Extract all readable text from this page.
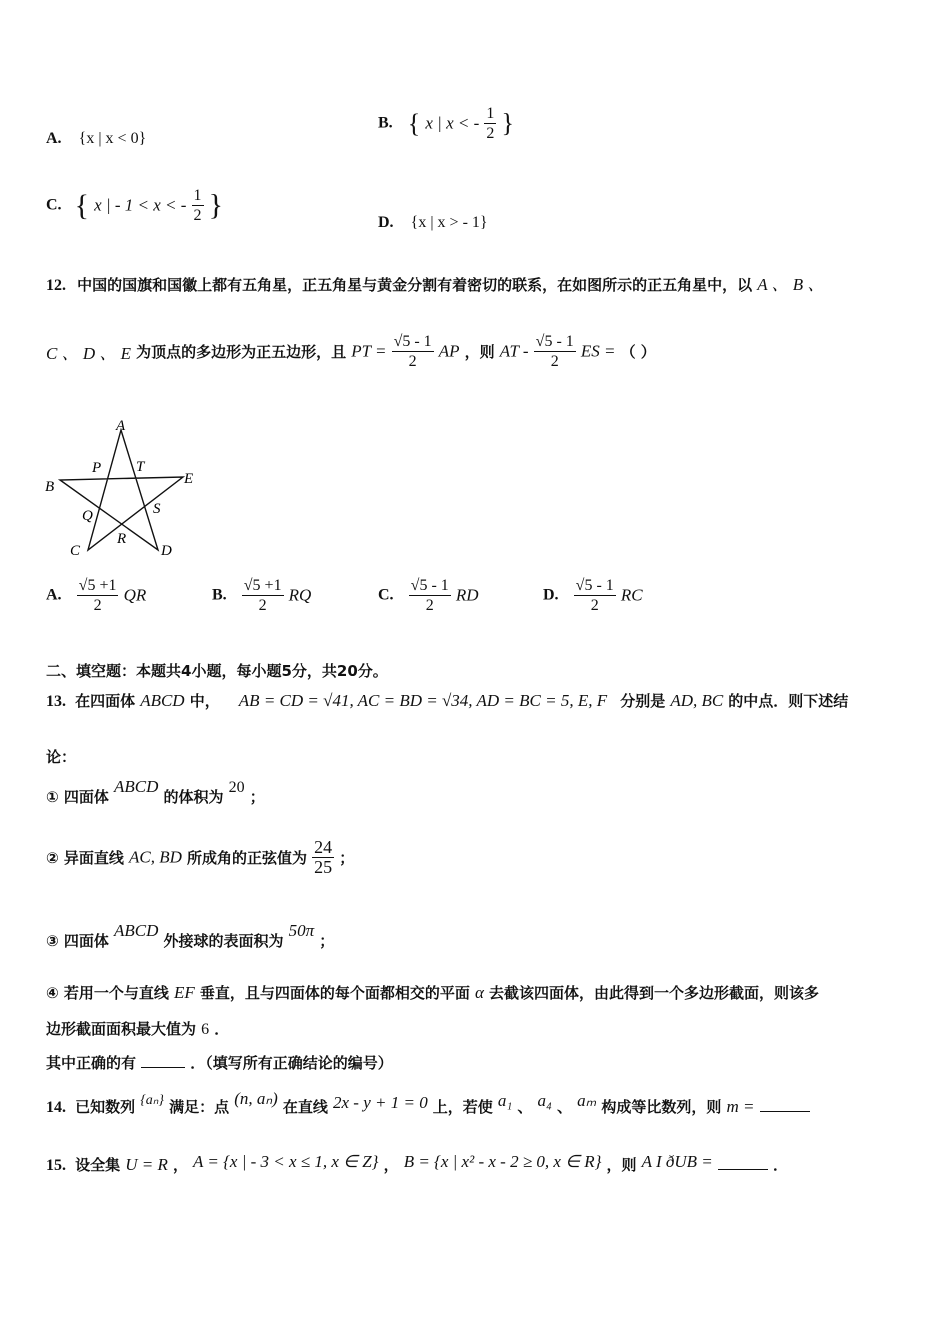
A. {x | x < 0}
B. { x | x < - $\frac{1}{2}$ }
C. { x | - 1 < x < - $\frac{1}{2}$ }
D. {x | x > - 1}
12. 中国的国旗和国徽上都有五角星，正五角星与黄金分割有着密切的联系，在如图所示的正五角星中，以 A 、 B 、
C 、 D 、 E 为顶点的多边形为正五边形，且 PT = $\frac{√5 - 1}{2}$ AP ，则 AT - $\frac{√5 - 1}{2}$ ES = （ ）
A
P T
E
B
Q	S
C
R
D
A. $\frac{√5 +1}{2}$ QR	B. $\frac{√5 +1}{2}$ RQ	C. $\frac{√5 - 1}{2}$ RD	D. $\frac{√5 - 1}{2}$ RC
二、填空题：本题共4小题，每小题5分，共20分。
13. 在四面体 ABCD 中， AB = CD = √41, AC = BD = √34, AD = BC = 5, E, F 分别是 AD, BC 的中点．则下述结
论：
① 四面体 ABCD 的体积为 20 ；
② 异面直线 AC, BD 所成角的正弦值为 $\frac{24}{25}$ ；
③ 四面体 ABCD 外接球的表面积为 50π ；
④ 若用一个与直线 EF 垂直，且与四面体的每个面都相交的平面 α 去截该四面体，由此得到一个多边形截面，则该多
边形截面面积最大值为 6 ．
其中正确的有	．（填写所有正确结论的编号）
14. 已知数列 {aₙ} 满足：点 (n, aₙ) 在直线 2x - y + 1 = 0 上，若使 a₁ 、 a₄ 、 aₘ 构成等比数列，则 m =
15. 设全集 U = R ， A = {x | - 3 < x ≤ 1, x ∈ Z} ， B = {x | x² - x - 2 ≥ 0, x ∈ R} ，则 A I ðUB =	．
